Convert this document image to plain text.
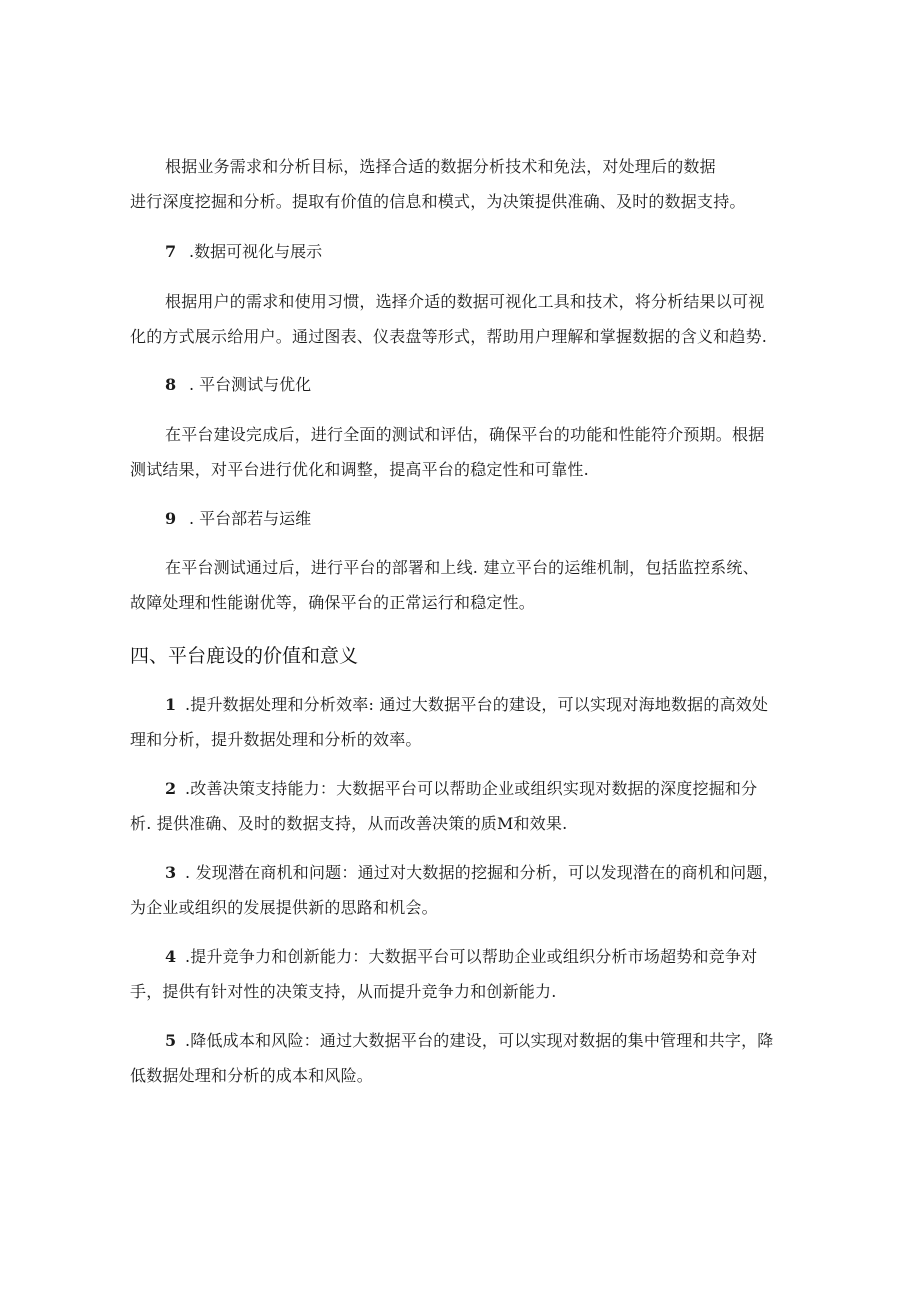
根据业务需求和分析目标，选择合适的数据分析技术和免法，对处理后的数据
进行深度挖掘和分析。提取有价值的信息和模式，为决策提供准确、及时的数据支持。
7 .数据可视化与展示
根据用户的需求和使用习惯，选择介适的数据可视化工具和技术，将分析结果以可视
化的方式展示给用户。通过图表、仪表盘等形式，帮助用户理解和掌握数据的含义和趋势.
8 . 平台测试与优化
在平台建设完成后，进行全面的测试和评估，确保平台的功能和性能符介预期。根据
测试结果，对平台进行优化和调整，提高平台的稳定性和可靠性.
9 . 平台部若与运维
在平台测试通过后，进行平台的部署和上线. 建立平台的运维机制，包括监控系统、
故障处理和性能谢优等，确保平台的正常运行和稳定性。
四、平台鹿设的价值和意义
1 .提升数据处理和分析效率: 通过大数据平台的建设，可以实现对海地数据的高效处
理和分析，提升数据处理和分析的效率。
2 .改善决策支持能力：大数据平台可以帮助企业或组织实现对数据的深度挖掘和分
析. 提供准确、及时的数据支持，从而改善决策的质M和效果.
3 . 发现潜在商机和问题：通过对大数据的挖掘和分析，可以发现潜在的商机和问题，
为企业或组织的发展提供新的思路和机会。
4 .提升竞争力和创新能力：大数据平台可以帮助企业或组织分析市场超势和竞争对
手，提供有针对性的决策支持，从而提升竞争力和创新能力.
5 .降低成本和风险：通过大数据平台的建设，可以实现对数据的集中管理和共字，降
低数据处理和分析的成本和风险。
